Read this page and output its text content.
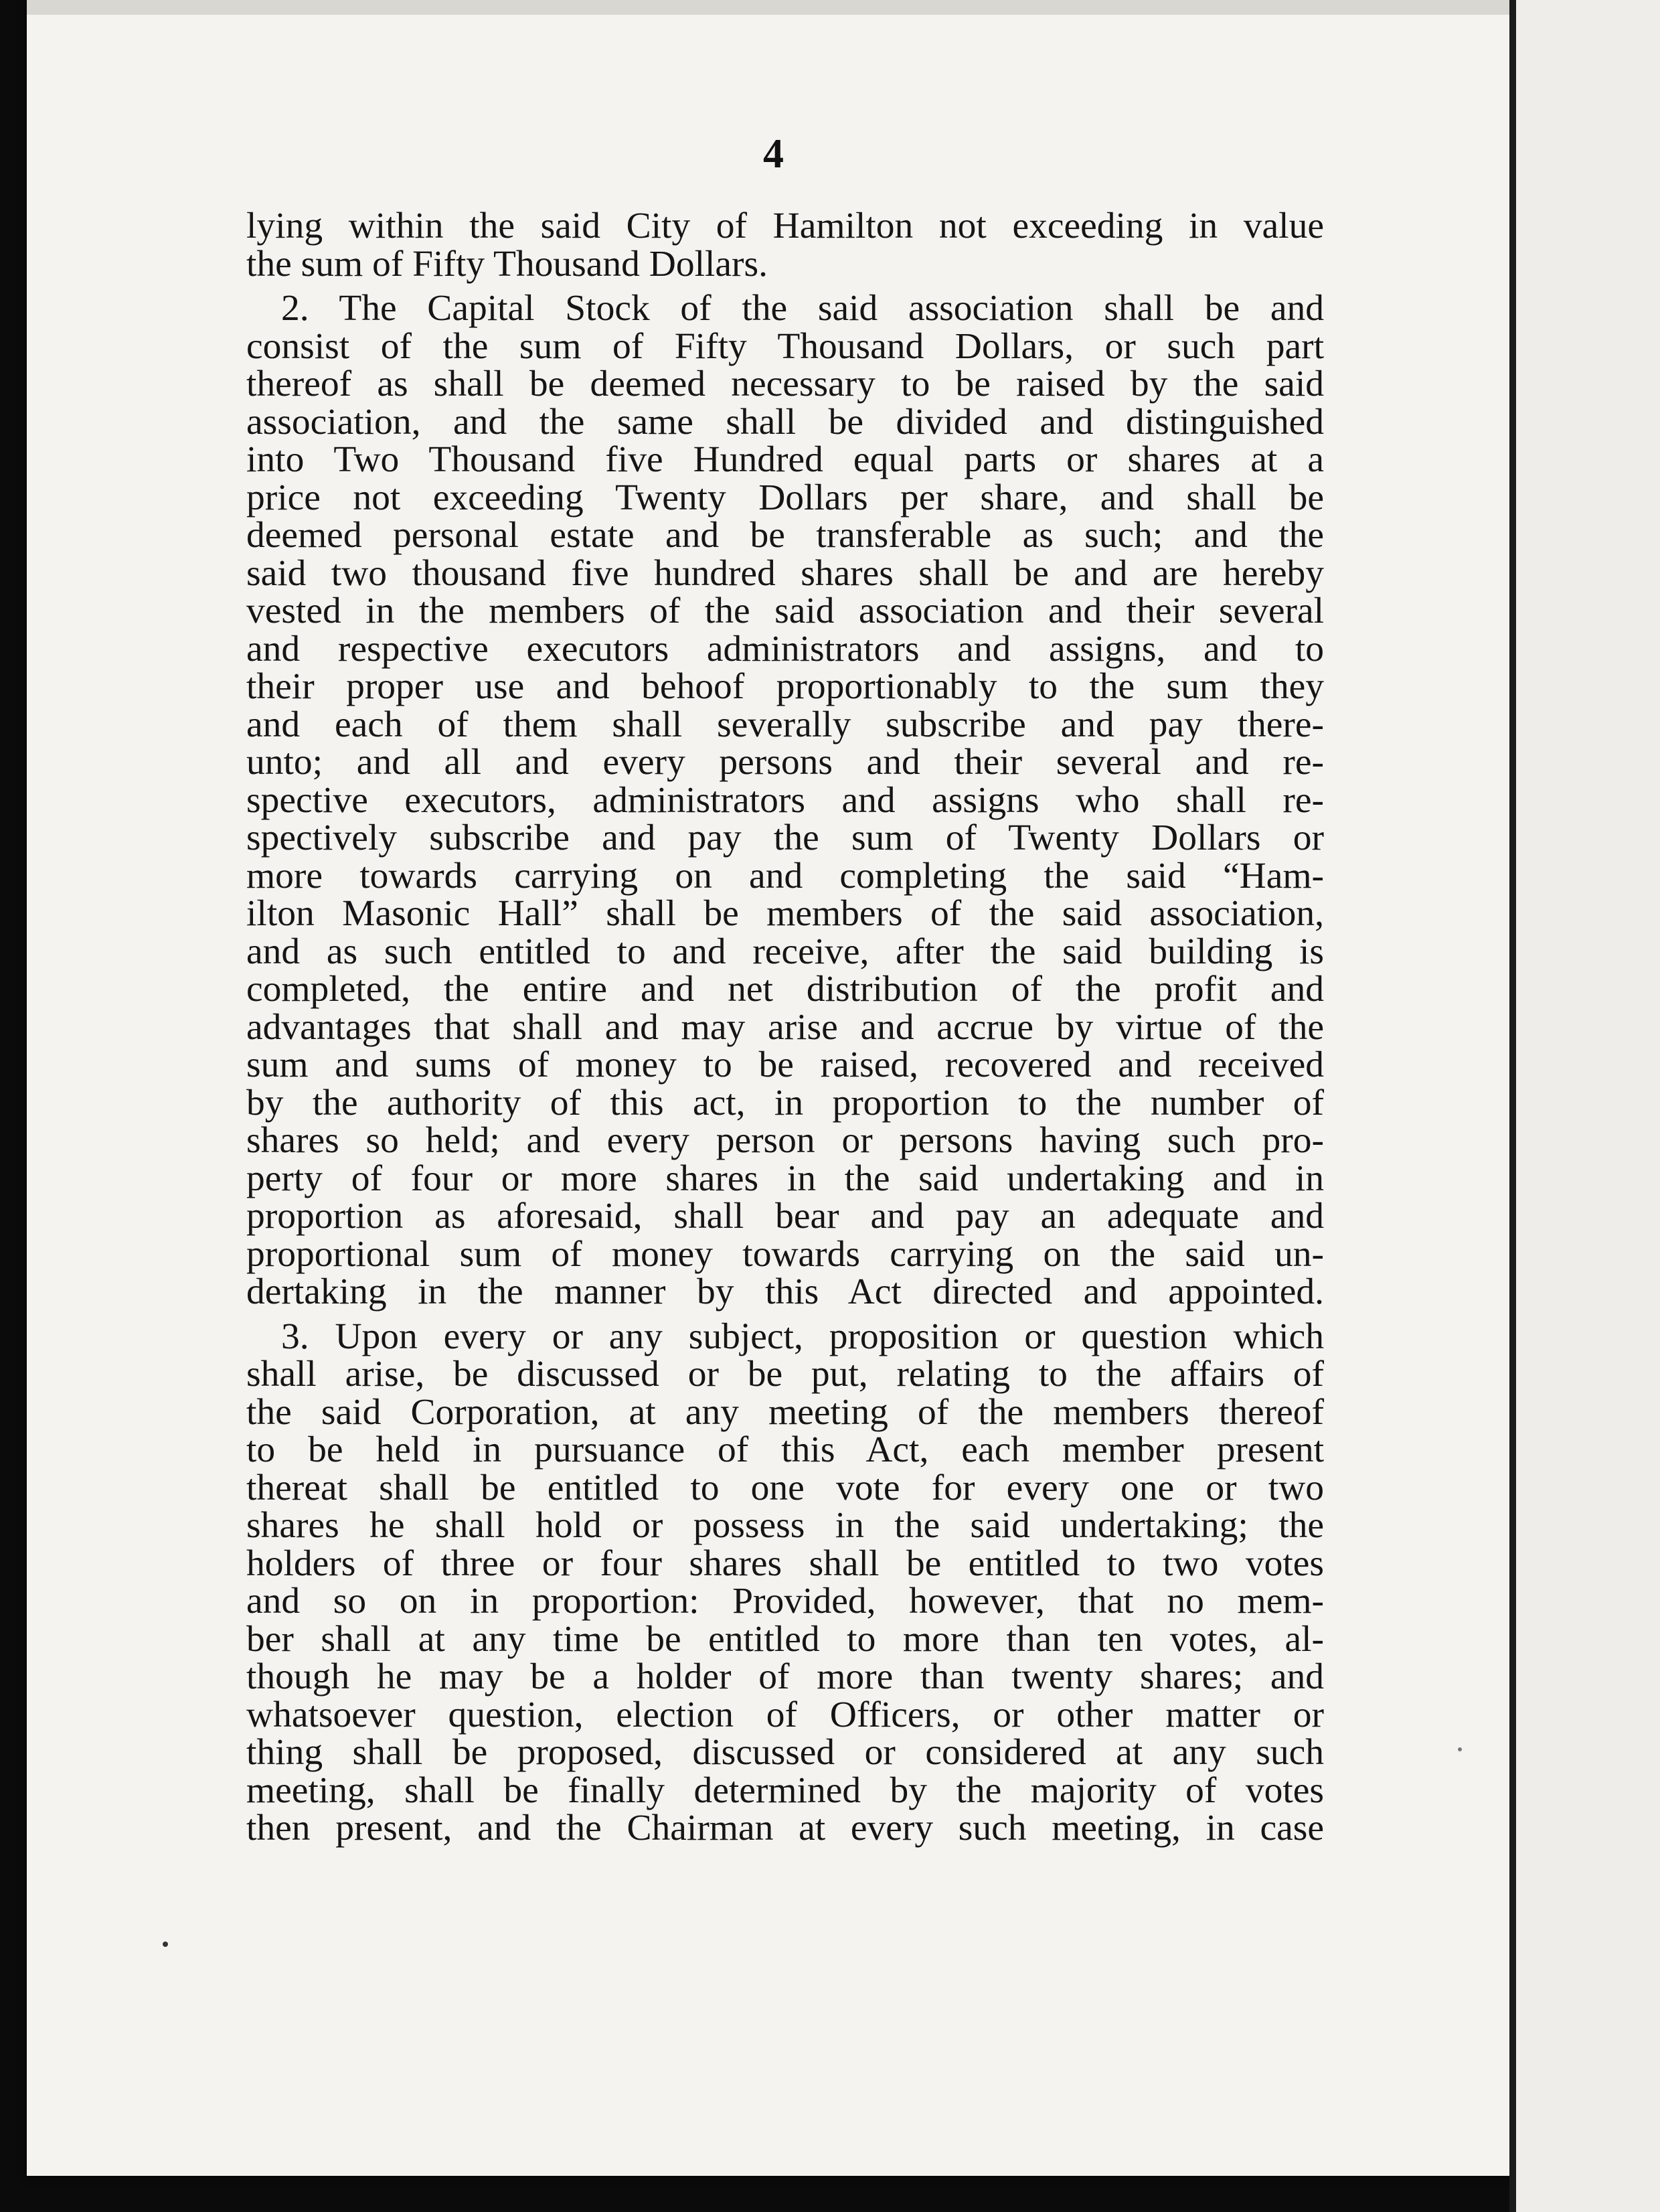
4
lying within the said City of Hamilton not exceeding in value
the sum of Fifty Thousand Dollars.
2. The Capital Stock of the said association shall be and
consist of the sum of Fifty Thousand Dollars, or such part
thereof as shall be deemed necessary to be raised by the said
association, and the same shall be divided and distinguished
into Two Thousand five Hundred equal parts or shares at a
price not exceeding Twenty Dollars per share, and shall be
deemed personal estate and be transferable as such; and the
said two thousand five hundred shares shall be and are hereby
vested in the members of the said association and their several
and respective executors administrators and assigns, and to
their proper use and behoof proportionably to the sum they
and each of them shall severally subscribe and pay there-
unto; and all and every persons and their several and re-
spective executors, administrators and assigns who shall re-
spectively subscribe and pay the sum of Twenty Dollars or
more towards carrying on and completing the said “Ham-
ilton Masonic Hall” shall be members of the said association,
and as such entitled to and receive, after the said building is
completed, the entire and net distribution of the profit and
advantages that shall and may arise and accrue by virtue of the
sum and sums of money to be raised, recovered and received
by the authority of this act, in proportion to the number of
shares so held; and every person or persons having such pro-
perty of four or more shares in the said undertaking and in
proportion as aforesaid, shall bear and pay an adequate and
proportional sum of money towards carrying on the said un-
dertaking in the manner by this Act directed and appointed.
3. Upon every or any subject, proposition or question which
shall arise, be discussed or be put, relating to the affairs of
the said Corporation, at any meeting of the members thereof
to be held in pursuance of this Act, each member present
thereat shall be entitled to one vote for every one or two
shares he shall hold or possess in the said undertaking; the
holders of three or four shares shall be entitled to two votes
and so on in proportion: Provided, however, that no mem-
ber shall at any time be entitled to more than ten votes, al-
though he may be a holder of more than twenty shares; and
whatsoever question, election of Officers, or other matter or
thing shall be proposed, discussed or considered at any such
meeting, shall be finally determined by the majority of votes
then present, and the Chairman at every such meeting, in case
